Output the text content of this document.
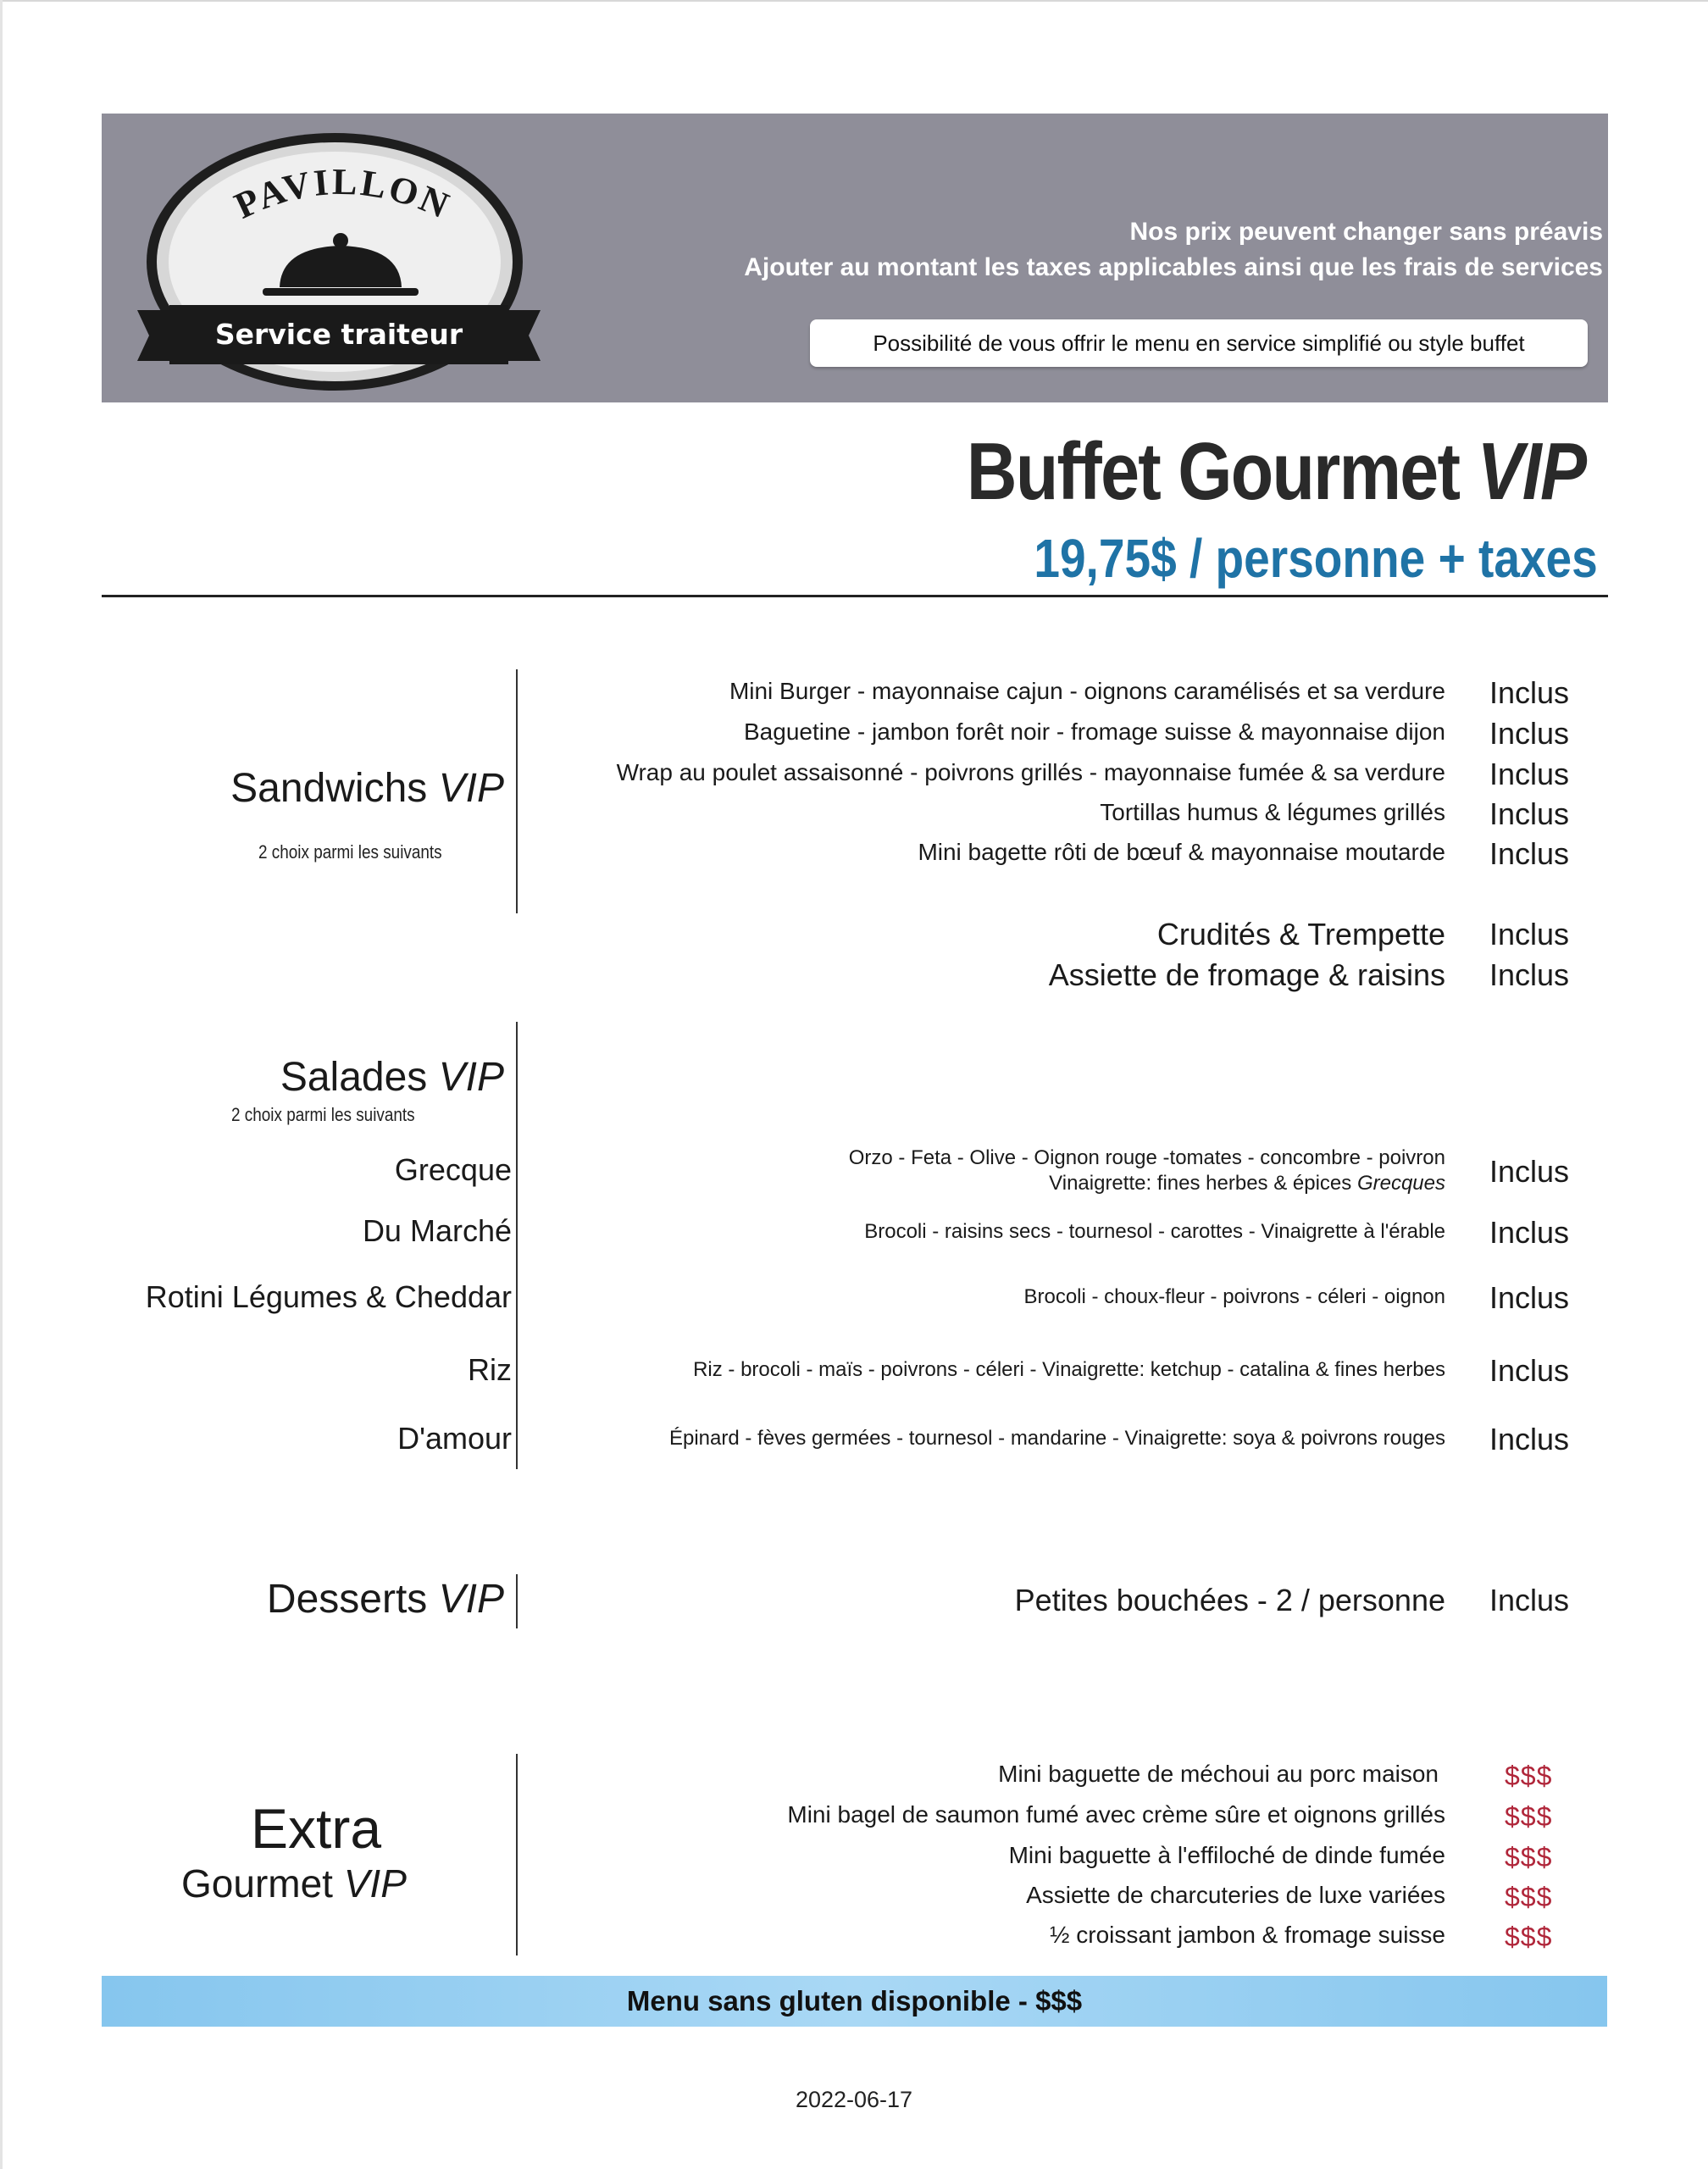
PAVILLON
Service traiteur
Nos prix peuvent changer sans préavis
Ajouter au montant les taxes applicables ainsi que les frais de services
Possibilité de vous offrir le menu en service simplifié ou style buffet
Buffet Gourmet VIP
19,75$ / personne + taxes
Sandwichs VIP
2 choix parmi les suivants
Mini Burger - mayonnaise cajun - oignons caramélisés et sa verdure Inclus
Baguetine - jambon forêt noir - fromage suisse & mayonnaise dijon Inclus
Wrap au poulet assaisonné - poivrons grillés - mayonnaise fumée & sa verdure Inclus
Tortillas humus & légumes grillés Inclus
Mini bagette rôti de bœuf & mayonnaise moutarde Inclus
Crudités & Trempette Inclus
Assiette de fromage & raisins Inclus
Salades VIP
2 choix parmi les suivants
Grecque	Orzo - Feta - Olive - Oignon rouge -tomates - concombre - poivron
Vinaigrette: fines herbes & épices Grecques Inclus
Du Marché	Brocoli - raisins secs - tournesol - carottes - Vinaigrette à l'érable Inclus
Rotini Légumes & Cheddar	Brocoli - choux-fleur - poivrons - céleri - oignon Inclus
Riz	Riz - brocoli - maïs - poivrons - céleri - Vinaigrette: ketchup - catalina & fines herbes Inclus
D'amour	Épinard - fèves germées - tournesol - mandarine - Vinaigrette: soya & poivrons rouges Inclus
Desserts VIP	Petites bouchées - 2 / personne Inclus
Extra
Gourmet VIP
Mini baguette de méchoui au porc maison $$$
Mini bagel de saumon fumé avec crème sûre et oignons grillés $$$
Mini baguette à l'effiloché de dinde fumée $$$
Assiette de charcuteries de luxe variées $$$
½ croissant jambon & fromage suisse $$$
Menu sans gluten disponible - $$$
2022-06-17
